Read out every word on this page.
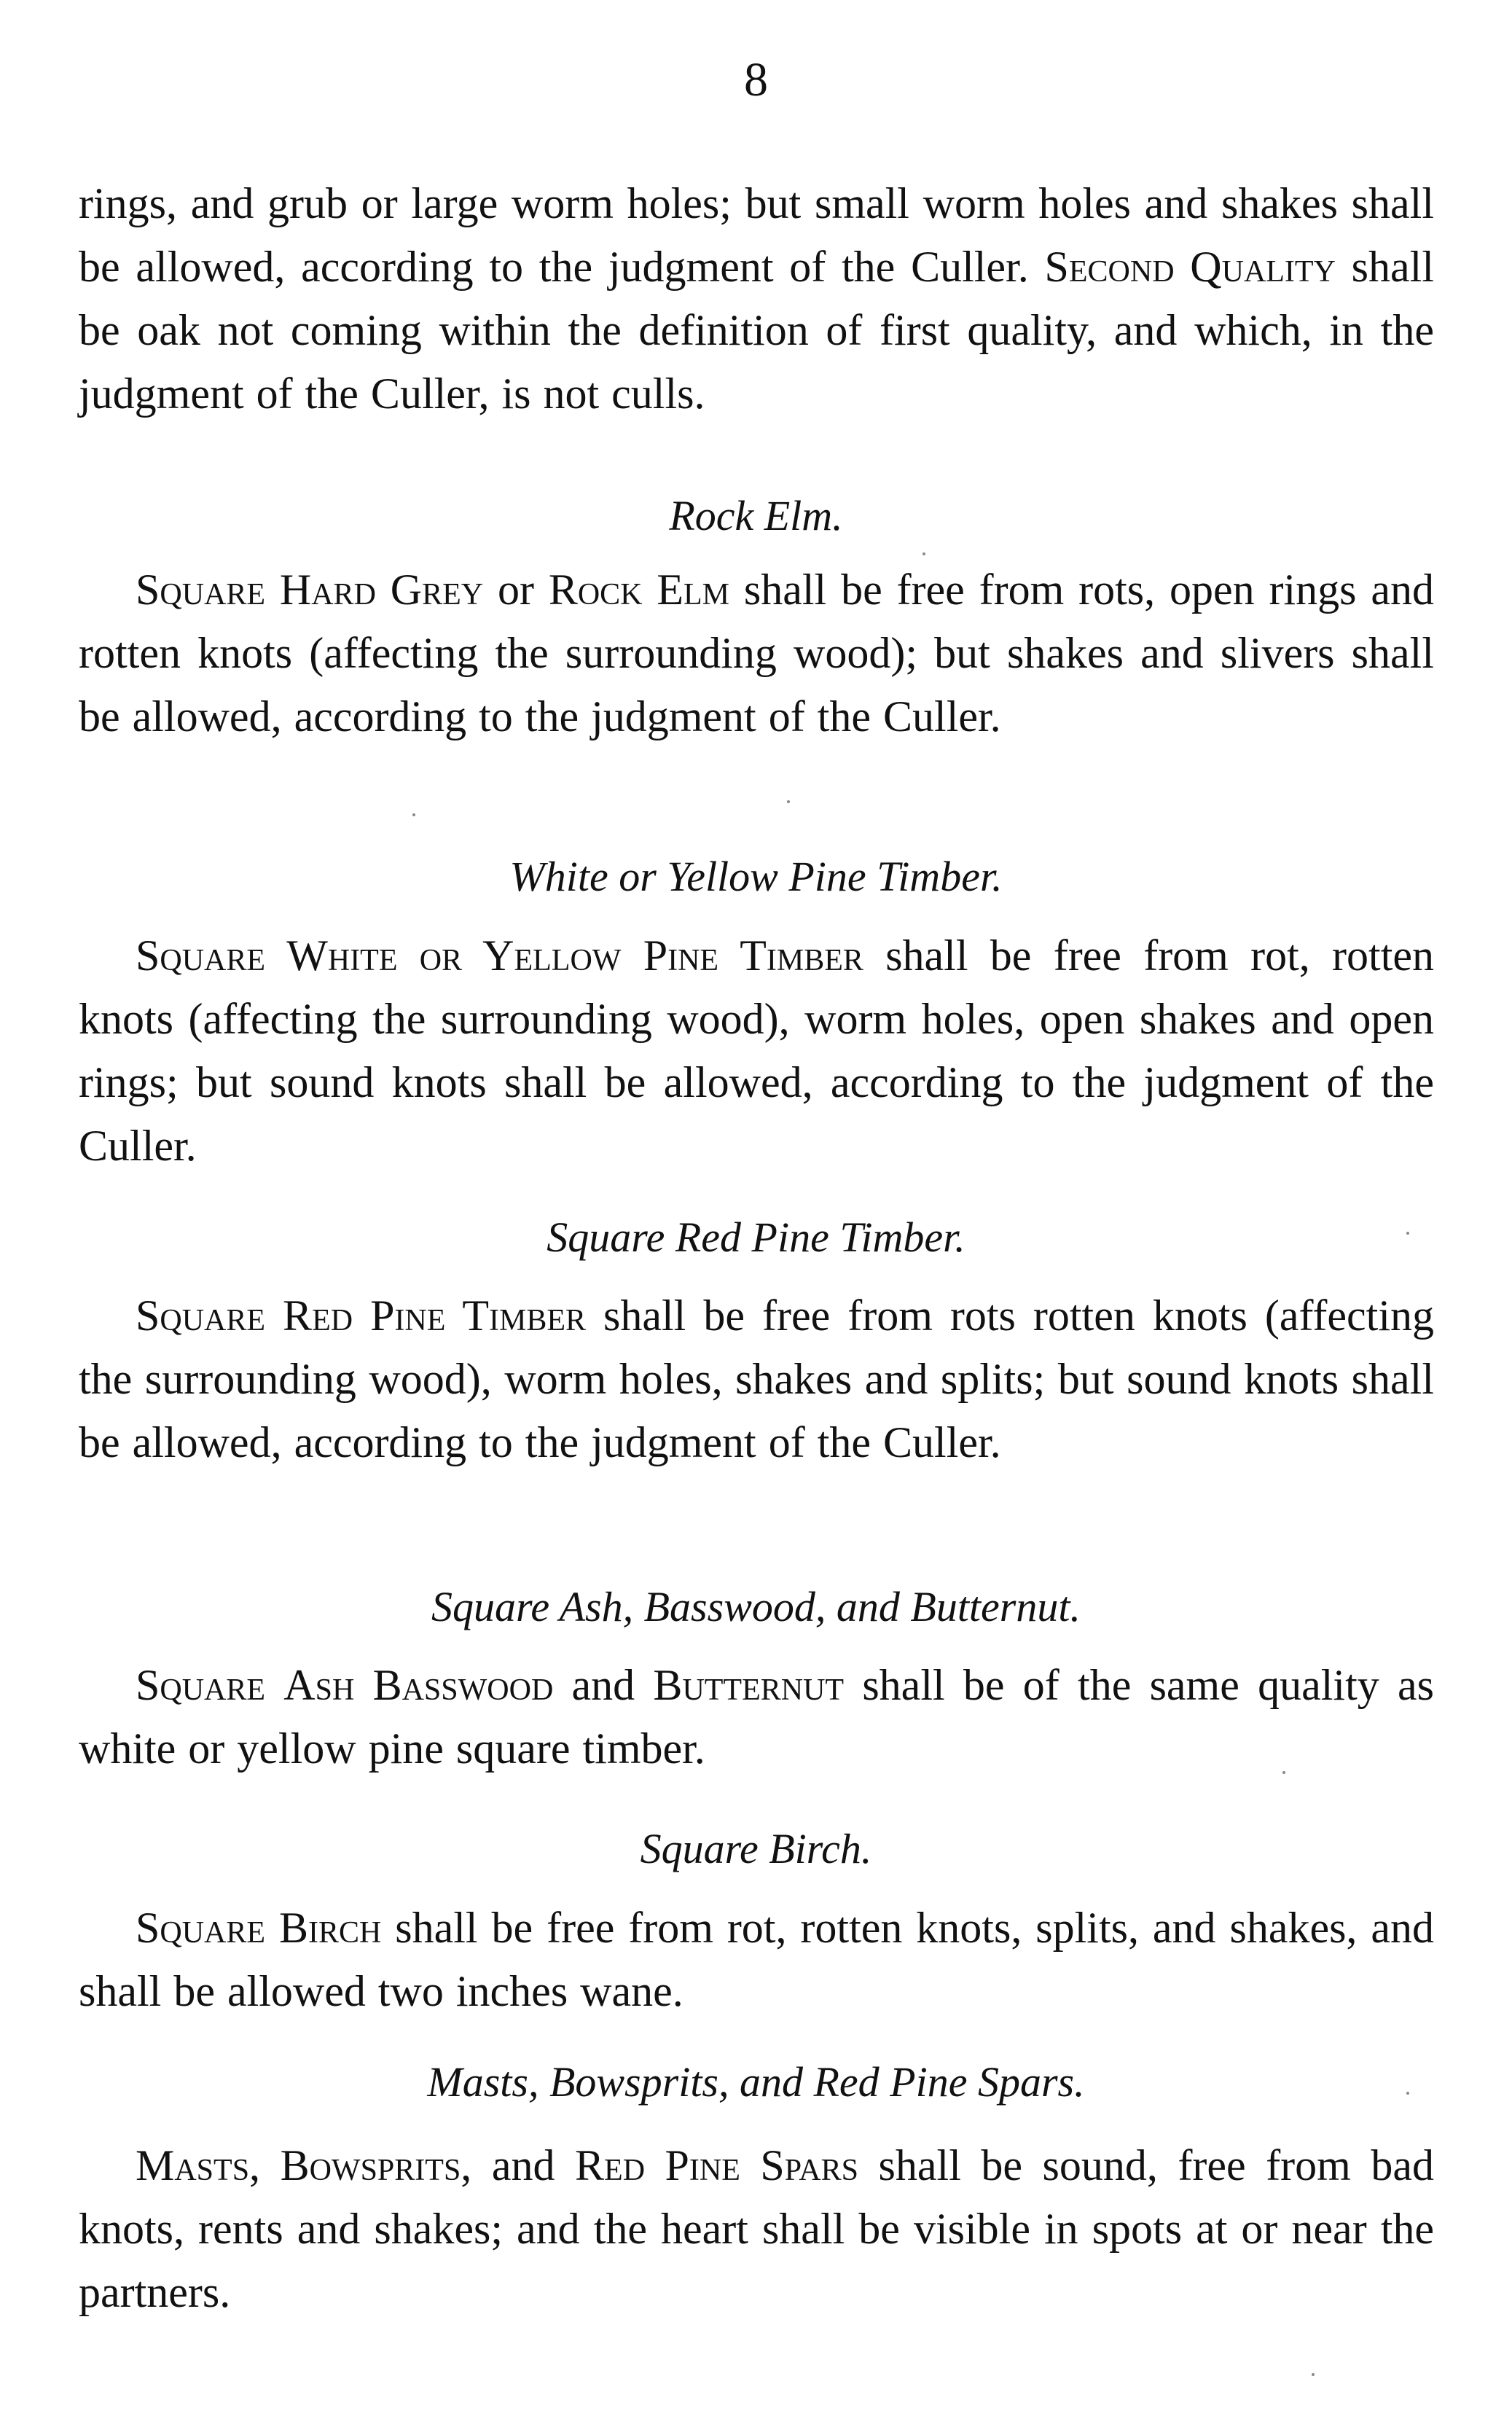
8

rings, and grub or large worm holes; but small worm holes and shakes shall be allowed, according to the judgment of the Culler. Second Quality shall be oak not coming within the definition of first quality, and which, in the judgment of the Culler, is not culls.

Rock Elm.

Square Hard Grey or Rock Elm shall be free from rots, open rings and rotten knots (affecting the surrounding wood); but shakes and slivers shall be allowed, according to the judgment of the Culler.

White or Yellow Pine Timber.

Square White or Yellow Pine Timber shall be free from rot, rotten knots (affecting the surrounding wood), worm holes, open shakes and open rings; but sound knots shall be allowed, according to the judgment of the Culler.

Square Red Pine Timber.

Square Red Pine Timber shall be free from rots rotten knots (affecting the surrounding wood), worm holes, shakes and splits; but sound knots shall be allowed, according to the judgment of the Culler.

Square Ash, Basswood, and Butternut.

Square Ash Basswood and Butternut shall be of the same quality as white or yellow pine square timber.

Square Birch.

Square Birch shall be free from rot, rotten knots, splits, and shakes, and shall be allowed two inches wane.

Masts, Bowsprits, and Red Pine Spars.

Masts, Bowsprits, and Red Pine Spars shall be sound, free from bad knots, rents and shakes; and the heart shall be visible in spots at or near the partners.
